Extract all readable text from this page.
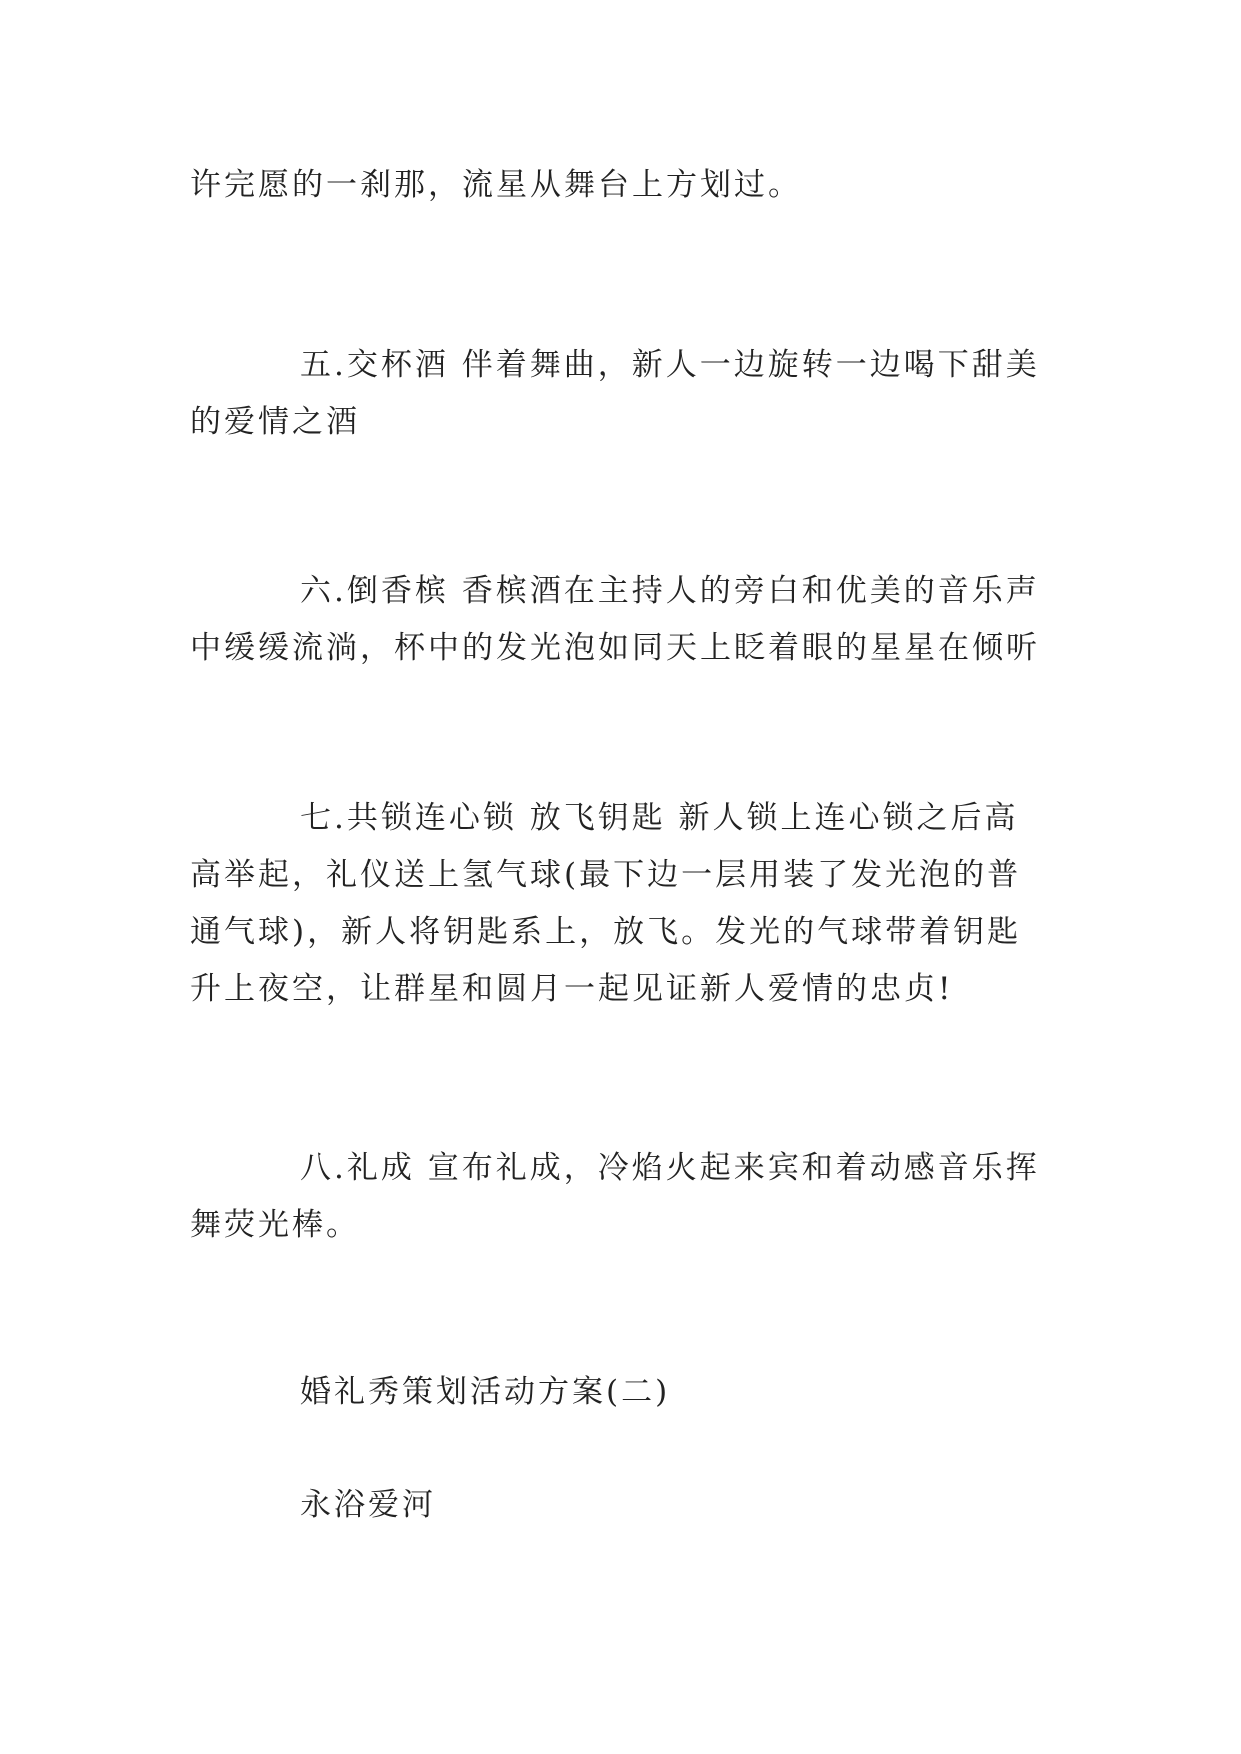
许完愿的一刹那，流星从舞台上方划过。

五.交杯酒 伴着舞曲，新人一边旋转一边喝下甜美的爱情之酒

六.倒香槟 香槟酒在主持人的旁白和优美的音乐声中缓缓流淌，杯中的发光泡如同天上眨着眼的星星在倾听

七.共锁连心锁 放飞钥匙 新人锁上连心锁之后高高举起，礼仪送上氢气球(最下边一层用装了发光泡的普通气球)，新人将钥匙系上，放飞。发光的气球带着钥匙升上夜空，让群星和圆月一起见证新人爱情的忠贞!

八.礼成 宣布礼成，冷焰火起来宾和着动感音乐挥舞荧光棒。

婚礼秀策划活动方案(二)
永浴爱河
